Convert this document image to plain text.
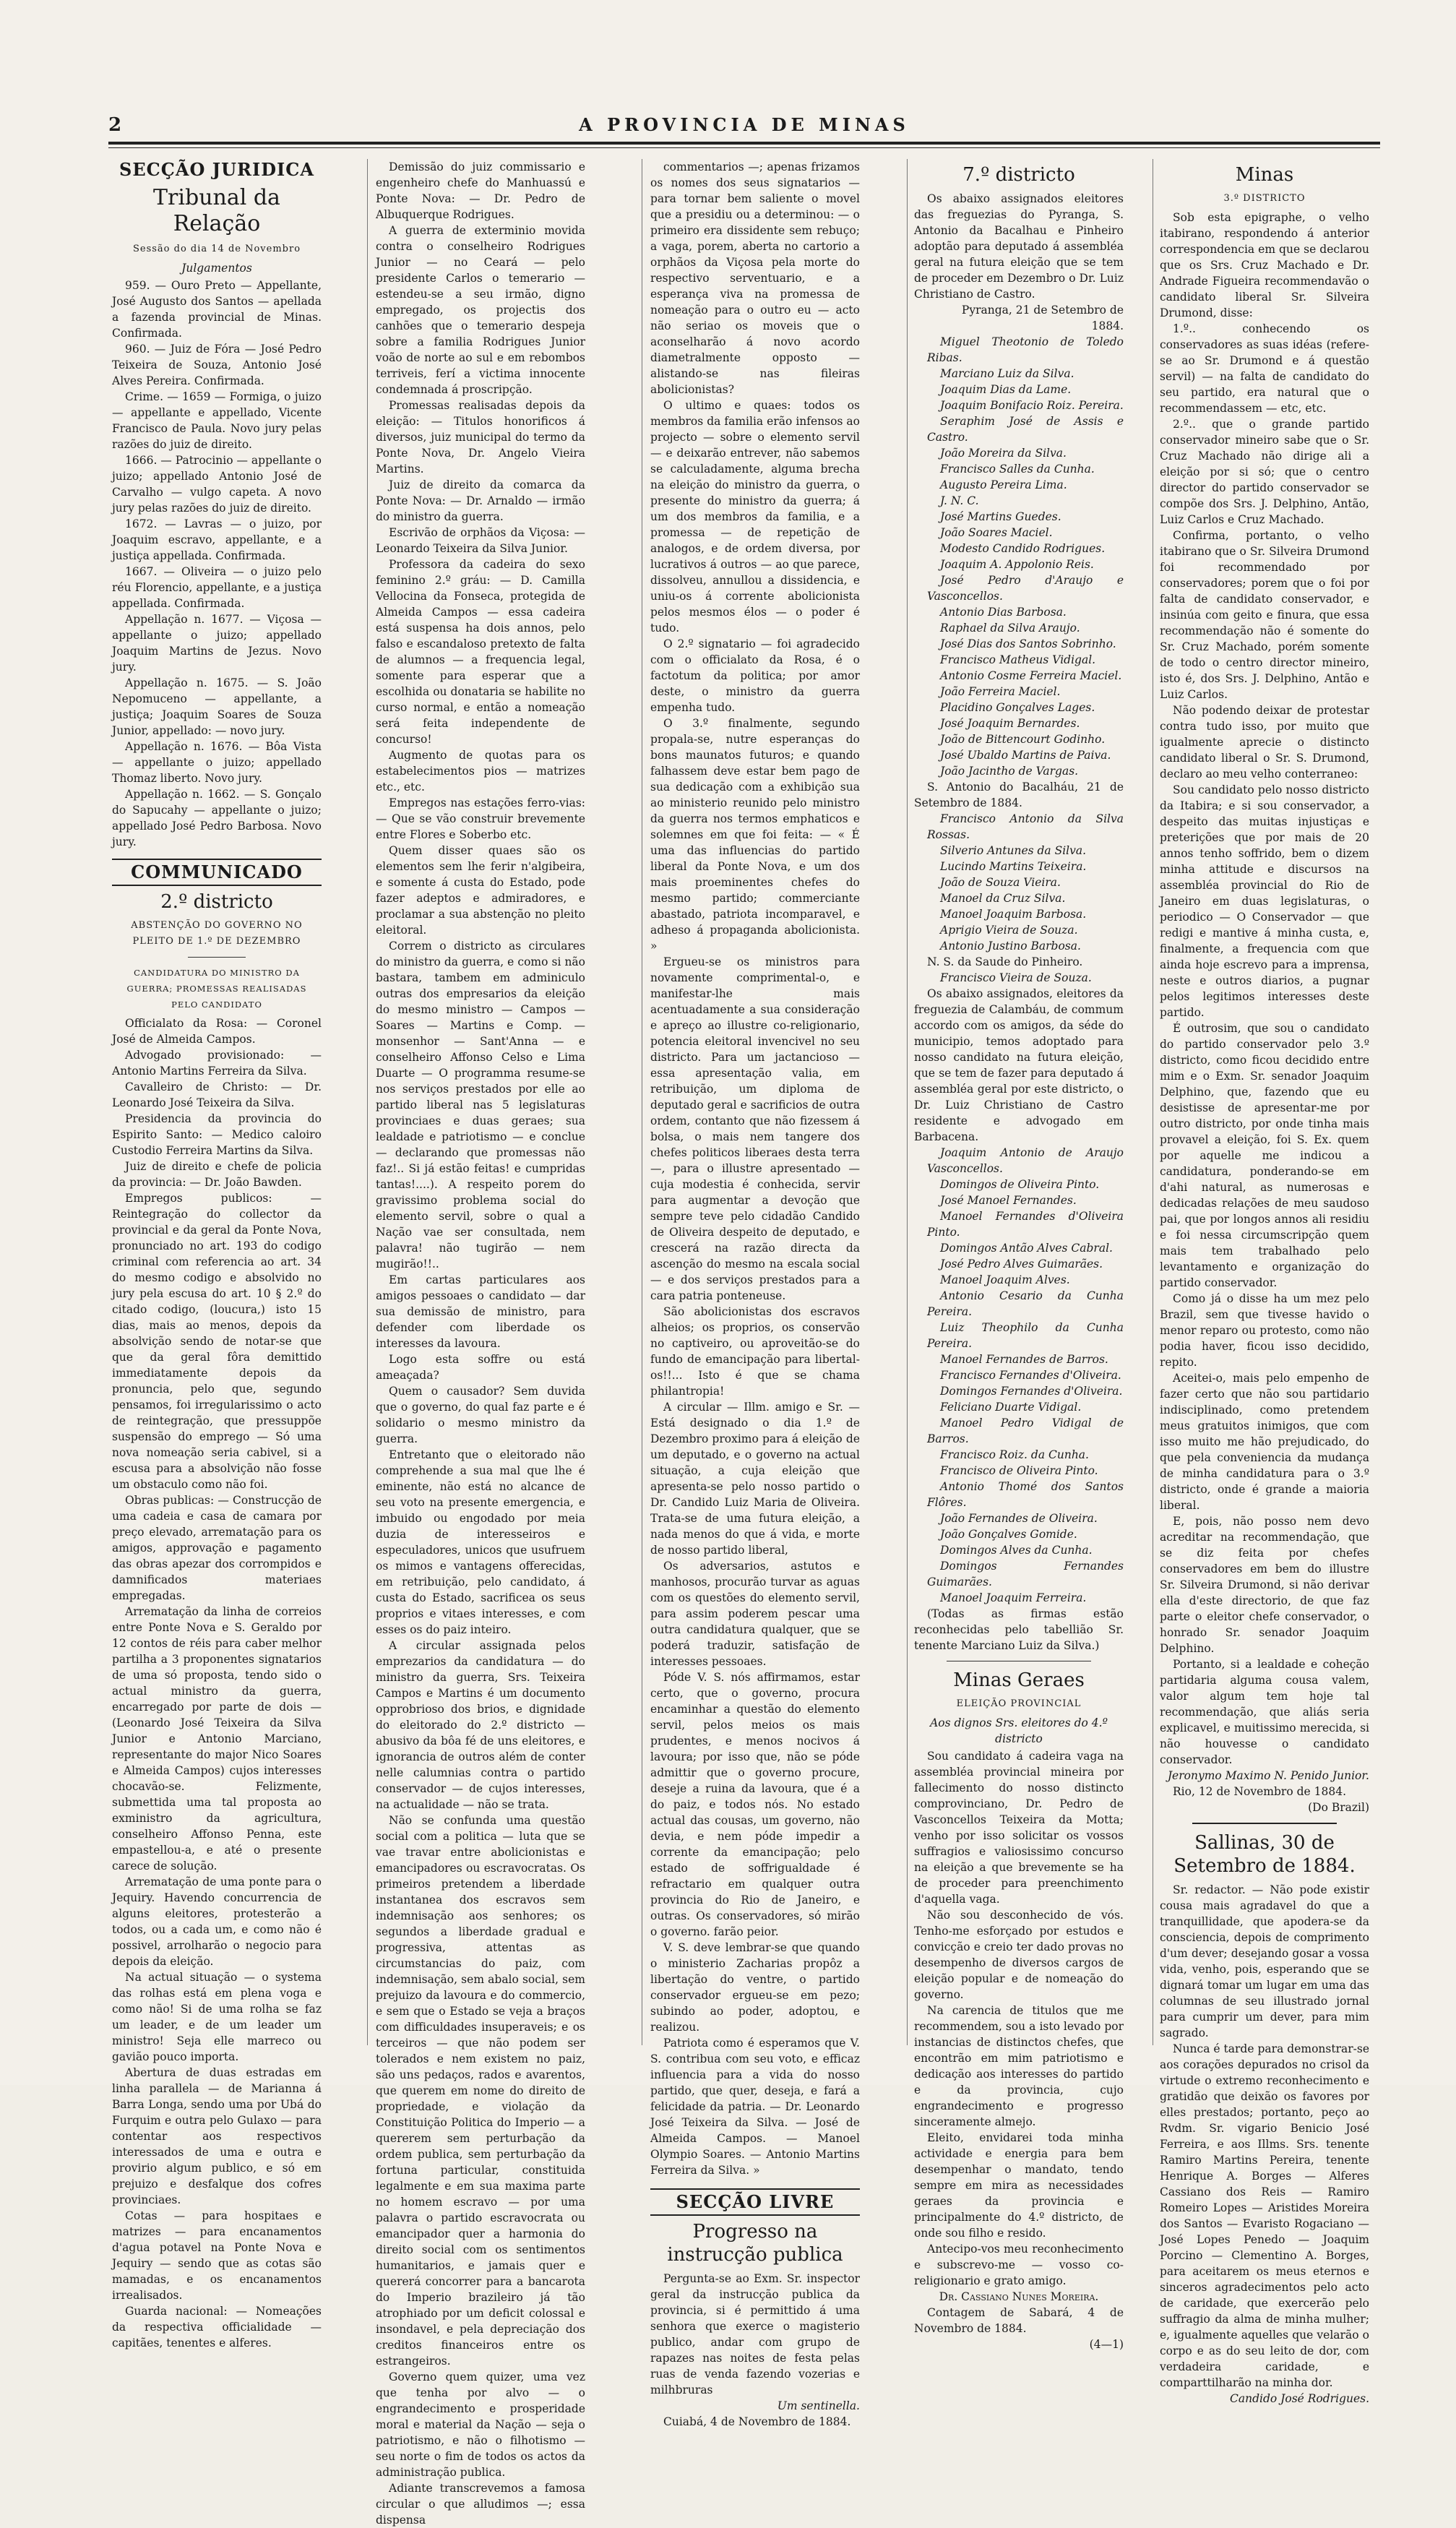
2	A PROVINCIA DE MINAS
SECÇÃO JURIDICA
Tribunal da Relação
Sessão do dia 14 de Novembro
Julgamentos

959. — Ouro Preto — Appellante, José Augusto dos Santos — apellada a fazenda provincial de Minas. Confirmada.

960. — Juiz de Fóra — José Pedro Teixeira de Souza, Antonio José Alves Pereira. Confirmada.

Crime. — 1659 — Formiga, o juizo — appellante e appellado, Vicente Francisco de Paula. Novo jury pelas razões do juiz de direito.

1666. — Patrocinio — appellante o juizo; appellado Antonio José de Carvalho — vulgo capeta. A novo jury pelas razões do juiz de direito.

1672. — Lavras — o juizo, por Joaquim escravo, appellante, e a justiça appellada. Confirmada.

1667. — Oliveira — o juizo pelo réu Florencio, appellante, e a justiça appellada. Confirmada.

Appellação n. 1677. — Viçosa — appellante o juizo; appellado Joaquim Martins de Jezus. Novo jury.

Appellação n. 1675. — S. João Nepomuceno — appellante, a justiça; Joaquim Soares de Souza Junior, appellado: — novo jury.

Appellação n. 1676. — Bôa Vista — appellante o juizo; appellado Thomaz liberto. Novo jury.

Appellação n. 1662. — S. Gonçalo do Sapucahy — appellante o juizo; appellado José Pedro Barbosa. Novo jury.

COMMUNICADO
2.º districto
ABSTENÇÃO DO GOVERNO NO PLEITO DE 1.º DE DEZEMBRO
CANDIDATURA DO MINISTRO DA GUERRA; PROMESSAS REALISADAS PELO CANDIDATO

Officialato da Rosa: — Coronel José de Almeida Campos.

Advogado provisionado: — Antonio Martins Ferreira da Silva.

Cavalleiro de Christo: — Dr. Leonardo José Teixeira da Silva.

Presidencia da provincia do Espirito Santo: — Medico caloiro Custodio Ferreira Martins da Silva.

Juiz de direito e chefe de policia da provincia: — Dr. João Bawden.

Empregos publicos: — Reintegração do collector da provincial e da geral da Ponte Nova, pronunciado no art. 193 do codigo criminal com referencia ao art. 34 do mesmo codigo e absolvido no jury pela escusa do art. 10 § 2.º do citado codigo, (loucura,) isto 15 dias, mais ao menos, depois da absolvição sendo de notar-se que que da geral fôra demittido immediatamente depois da pronuncia, pelo que, segundo pensamos, foi irregularissimo o acto de reintegração, que pressuppõe suspensão do emprego — Só uma nova nomeação seria cabivel, si a escusa para a absolvição não fosse um obstaculo como não foi.

Obras publicas: — Construcção de uma cadeia e casa de camara por preço elevado, arrematação para os amigos, approvação e pagamento das obras apezar dos corrompidos e damnificados materiaes empregadas.

Arrematação da linha de correios entre Ponte Nova e S. Geraldo por 12 contos de réis para caber melhor partilha a 3 proponentes signatarios de uma só proposta, tendo sido o actual ministro da guerra, encarregado por parte de dois — (Leonardo José Teixeira da Silva Junior e Antonio Marciano, representante do major Nico Soares e Almeida Campos) cujos interesses chocavão-se. Felizmente, submettida uma tal proposta ao exministro da agricultura, conselheiro Affonso Penna, este empastellou-a, e até o presente carece de solução.

Arrematação de uma ponte para o Jequiry. Havendo concurrencia de alguns eleitores, protesterão a todos, ou a cada um, e como não é possivel, arrolharão o negocio para depois da eleição.

Na actual situação — o systema das rolhas está em plena voga e como não! Si de uma rolha se faz um leader, e de um leader um ministro! Seja elle marreco ou gavião pouco importa.

Abertura de duas estradas em linha parallela — de Marianna á Barra Longa, sendo uma por Ubá do Furquim e outra pelo Gulaxo — para contentar aos respectivos interessados de uma e outra e provirio algum publico, e só em prejuizo e desfalque dos cofres provinciaes.

Cotas — para hospitaes e matrizes — para encanamentos d'agua potavel na Ponte Nova e Jequiry — sendo que as cotas são mamadas, e os encanamentos irrealisados.

Guarda nacional: — Nomeações da respectiva officialidade — capitães, tenentes e alferes.

Demissão do juiz commissario e engenheiro chefe do Manhuassú e Ponte Nova: — Dr. Pedro de Albuquerque Rodrigues.

A guerra de exterminio movida contra o conselheiro Rodrigues Junior — no Ceará — pelo presidente Carlos o temerario — estendeu-se a seu irmão, digno empregado, os projectis dos canhões que o temerario despeja sobre a familia Rodrigues Junior voão de norte ao sul e em rebombos terriveis, ferí a victima innocente condemnada á proscripção.

Promessas realisadas depois da eleição: — Titulos honorificos á diversos, juiz municipal do termo da Ponte Nova, Dr. Angelo Vieira Martins.

Juiz de direito da comarca da Ponte Nova: — Dr. Arnaldo — irmão do ministro da guerra.

Escrivão de orphãos da Viçosa: — Leonardo Teixeira da Silva Junior.

Professora da cadeira do sexo feminino 2.º gráu: — D. Camilla Vellocina da Fonseca, protegida de Almeida Campos — essa cadeira está suspensa ha dois annos, pelo falso e escandaloso pretexto de falta de alumnos — a frequencia legal, somente para esperar que a escolhida ou donataria se habilite no curso normal, e então a nomeação será feita independente de concurso!

Augmento de quotas para os estabelecimentos pios — matrizes etc., etc.

Empregos nas estações ferro-vias: — Que se vão construir brevemente entre Flores e Soberbo etc.

Quem disser quaes são os elementos sem lhe ferir n'algibeira, e somente á custa do Estado, pode fazer adeptos e admiradores, e proclamar a sua abstenção no pleito eleitoral.

Correm o districto as circulares do ministro da guerra, e como si não bastara, tambem em adminiculo outras dos empresarios da eleição do mesmo ministro — Campos — Soares — Martins e Comp. — monsenhor — Sant'Anna — e conselheiro Affonso Celso e Lima Duarte — O programma resume-se nos serviços prestados por elle ao partido liberal nas 5 legislaturas provinciaes e duas geraes; sua lealdade e patriotismo — e conclue — declarando que promessas não faz!.. Si já estão feitas! e cumpridas tantas!....). A respeito porem do gravissimo problema social do elemento servil, sobre o qual a Nação vae ser consultada, nem palavra! não tugirão — nem mugirão!!..

Em cartas particulares aos amigos pessoaes o candidato — dar sua demissão de ministro, para defender com liberdade os interesses da lavoura.

Logo esta soffre ou está ameaçada?

Quem o causador? Sem duvida que o governo, do qual faz parte e é solidario o mesmo ministro da guerra.

Entretanto que o eleitorado não comprehende a sua mal que lhe é eminente, não está no alcance de seu voto na presente emergencia, e imbuido ou engodado por meia duzia de interesseiros e especuladores, unicos que usufruem os mimos e vantagens offerecidas, em retribuição, pelo candidato, á custa do Estado, sacrificea os seus proprios e vitaes interesses, e com esses os do paiz inteiro.

A circular assignada pelos emprezarios da candidatura — do ministro da guerra, Srs. Teixeira Campos e Martins é um documento opprobrioso dos brios, e dignidade do eleitorado do 2.º districto — abusivo da bôa fé de uns eleitores, e ignorancia de outros além de conter nelle calumnias contra o partido conservador — de cujos interesses, na actualidade — não se trata.

Não se confunda uma questão social com a politica — luta que se vae travar entre abolicionistas e emancipadores ou escravocratas. Os primeiros pretendem a liberdade instantanea dos escravos sem indemnisação aos senhores; os segundos a liberdade gradual e progressiva, attentas as circumstancias do paiz, com indemnisação, sem abalo social, sem prejuizo da lavoura e do commercio, e sem que o Estado se veja a braços com difficuldades insuperaveis; e os terceiros — que não podem ser tolerados e nem existem no paiz, são uns pedaços, rados e avarentos, que querem em nome do direito de propriedade, e violação da Constituição Politica do Imperio — a quererem sem perturbação da ordem publica, sem perturbação da fortuna particular, constituida legalmente e em sua maxima parte no homem escravo — por uma palavra o partido escravocrata ou emancipador quer a harmonia do direito social com os sentimentos humanitarios, e jamais quer e quererá concorrer para a bancarota do Imperio brazileiro já tão atrophiado por um deficit colossal e insondavel, e pela depreciação dos creditos financeiros entre os estrangeiros.

Governo quem quizer, uma vez que tenha por alvo — o engrandecimento e prosperidade moral e material da Nação — seja o patriotismo, e não o filhotismo — seu norte o fim de todos os actos da administração publica.

Adiante transcrevemos a famosa circular o que alludimos —; essa dispensa

commentarios —; apenas frizamos os nomes dos seus signatarios — para tornar bem saliente o movel que a presidiu ou a determinou: — o primeiro era dissidente sem rebuço; a vaga, porem, aberta no cartorio a orphãos da Viçosa pela morte do respectivo serventuario, e a esperança viva na promessa de nomeação para o outro eu — acto não seriao os moveis que o aconselharão á novo acordo diametralmente opposto — alistando-se nas fileiras abolicionistas?

O ultimo e quaes: todos os membros da familia erão infensos ao projecto — sobre o elemento servil — e deixarão entrever, não sabemos se calculadamente, alguma brecha na eleição do ministro da guerra, o presente do ministro da guerra; á um dos membros da familia, e a promessa — de repetição de analogos, e de ordem diversa, por lucrativos á outros — ao que parece, dissolveu, annullou a dissidencia, e uniu-os á corrente abolicionista pelos mesmos élos — o poder é tudo.

O 2.º signatario — foi agradecido com o officialato da Rosa, é o factotum da politica; por amor deste, o ministro da guerra empenha tudo.

O 3.º finalmente, segundo propala-se, nutre esperanças do bons maunatos futuros; e quando falhassem deve estar bem pago de sua dedicação com a exhibição sua ao ministerio reunido pelo ministro da guerra nos termos emphaticos e solemnes em que foi feita: — « É uma das influencias do partido liberal da Ponte Nova, e um dos mais proeminentes chefes do mesmo partido; commerciante abastado, patriota incomparavel, e adheso á propaganda abolicionista. »

Ergueu-se os ministros para novamente comprimental-o, e manifestar-lhe mais acentuadamente a sua consideração e apreço ao illustre co-religionario, potencia eleitoral invencivel no seu districto. Para um jactancioso — essa apresentação valia, em retribuição, um diploma de deputado geral e sacrificios de outra ordem, contanto que não fizessem á bolsa, o mais nem tangere dos chefes politicos liberaes desta terra —, para o illustre apresentado — cuja modestia é conhecida, servir para augmentar a devoção que sempre teve pelo cidadão Candido de Oliveira despeito de deputado, e crescerá na razão directa da ascenção do mesmo na escala social — e dos serviços prestados para a cara patria ponteneuse.

São abolicionistas dos escravos alheios; os proprios, os conservão no captiveiro, ou aproveitão-se do fundo de emancipação para libertal-os!!... Isto é que se chama philantropia!

A circular — Illm. amigo e Sr. — Está designado o dia 1.º de Dezembro proximo para á eleição de um deputado, e o governo na actual situação, a cuja eleição que apresenta-se pelo nosso partido o Dr. Candido Luiz Maria de Oliveira. Trata-se de uma futura eleição, a nada menos do que á vida, e morte de nosso partido liberal,

Os adversarios, astutos e manhosos, procurão turvar as aguas com os questões do elemento servil, para assim poderem pescar uma outra candidatura qualquer, que se poderá traduzir, satisfação de interesses pessoaes.

Póde V. S. nós affirmamos, estar certo, que o governo, procura encaminhar a questão do elemento servil, pelos meios os mais prudentes, e menos nocivos á lavoura; por isso que, não se póde admittir que o governo procure, deseje a ruina da lavoura, que é a do paiz, e todos nós. No estado actual das cousas, um governo, não devia, e nem póde impedir a corrente da emancipação; pelo estado de soffrigualdade é refractario em qualquer outra provincia do Rio de Janeiro, e outras. Os conservadores, só mirão o governo. farão peior.

V. S. deve lembrar-se que quando o ministerio Zacharias propôz a libertação do ventre, o partido conservador ergueu-se em pezo; subindo ao poder, adoptou, e realizou.

Patriota como é esperamos que V. S. contribua com seu voto, e efficaz influencia para a vida do nosso partido, que quer, deseja, e fará a felicidade da patria. — Dr. Leonardo José Teixeira da Silva. — José de Almeida Campos. — Manoel Olympio Soares. — Antonio Martins Ferreira da Silva. »

SECÇÃO LIVRE
Progresso na instrucção publica

Pergunta-se ao Exm. Sr. inspector geral da instrucção publica da provincia, si é permittido á uma senhora que exerce o magisterio publico, andar com grupo de rapazes nas noites de festa pelas ruas de venda fazendo vozerias e milhbruras

Um sentinella.

Cuiabá, 4 de Novembro de 1884.

7.º districto

Os abaixo assignados eleitores das freguezias do Pyranga, S. Antonio da Bacalhau e Pinheiro adoptão para deputado á assembléa geral na futura eleição que se tem de proceder em Dezembro o Dr. Luiz Christiano de Castro.

Pyranga, 21 de Setembro de 1884.

Miguel Theotonio de Toledo Ribas.
Marciano Luiz da Silva.
Joaquim Dias da Lame.
Joaquim Bonifacio Roiz. Pereira.
Seraphim José de Assis e Castro.
João Moreira da Silva.
Francisco Salles da Cunha.
Augusto Pereira Lima.
J. N. C.
José Martins Guedes.
João Soares Maciel.
Modesto Candido Rodrigues.
Joaquim A. Appolonio Reis.
José Pedro d'Araujo e Vasconcellos.
Antonio Dias Barbosa.
Raphael da Silva Araujo.
José Dias dos Santos Sobrinho.
Francisco Matheus Vidigal.
Antonio Cosme Ferreira Maciel.
João Ferreira Maciel.
Placidino Gonçalves Lages.
José Joaquim Bernardes.
João de Bittencourt Godinho.
José Ubaldo Martins de Paiva.
João Jacintho de Vargas.

S. Antonio do Bacalháu, 21 de Setembro de 1884.

Francisco Antonio da Silva Rossas.
Silverio Antunes da Silva.
Lucindo Martins Teixeira.
João de Souza Vieira.
Manoel da Cruz Silva.
Manoel Joaquim Barbosa.
Aprigio Vieira de Souza.
Antonio Justino Barbosa.

N. S. da Saude do Pinheiro.

Francisco Vieira de Souza.

Os abaixo assignados, eleitores da freguezia de Calambáu, de commum accordo com os amigos, da séde do municipio, temos adoptado para nosso candidato na futura eleição, que se tem de fazer para deputado á assembléa geral por este districto, o Dr. Luiz Christiano de Castro residente e advogado em Barbacena.

Joaquim Antonio de Araujo Vasconcellos.
Domingos de Oliveira Pinto.
José Manoel Fernandes.
Manoel Fernandes d'Oliveira Pinto.
Domingos Antão Alves Cabral.
José Pedro Alves Guimarães.
Manoel Joaquim Alves.
Antonio Cesario da Cunha Pereira.
Luiz Theophilo da Cunha Pereira.
Manoel Fernandes de Barros.
Francisco Fernandes d'Oliveira.
Domingos Fernandes d'Oliveira.
Feliciano Duarte Vidigal.
Manoel Pedro Vidigal de Barros.
Francisco Roiz. da Cunha.
Francisco de Oliveira Pinto.
Antonio Thomé dos Santos Flôres.
João Fernandes de Oliveira.
João Gonçalves Gomide.
Domingos Alves da Cunha.
Domingos Fernandes Guimarães.
Manoel Joaquim Ferreira.

(Todas as firmas estão reconhecidas pelo tabellião Sr. tenente Marciano Luiz da Silva.)

Minas Geraes
ELEIÇÃO PROVINCIAL
Aos dignos Srs. eleitores do 4.º districto

Sou candidato á cadeira vaga na assembléa provincial mineira por fallecimento do nosso distincto comprovinciano, Dr. Pedro de Vasconcellos Teixeira da Motta; venho por isso solicitar os vossos suffragios e valiosissimo concurso na eleição a que brevemente se ha de proceder para preenchimento d'aquella vaga.

Não sou desconhecido de vós. Tenho-me esforçado por estudos e convicção e creio ter dado provas no desempenho de diversos cargos de eleição popular e de nomeação do governo.

Na carencia de titulos que me recommendem, sou a isto levado por instancias de distinctos chefes, que encontrão em mim patriotismo e dedicação aos interesses do partido e da provincia, cujo engrandecimento e progresso sinceramente almejo.

Eleito, envidarei toda minha actividade e energia para bem desempenhar o mandato, tendo sempre em mira as necessidades geraes da provincia e principalmente do 4.º districto, de onde sou filho e resido.

Antecipo-vos meu reconhecimento e subscrevo-me — vosso co-religionario e grato amigo.

Dr. Cassiano Nunes Moreira.

Contagem de Sabará, 4 de Novembro de 1884.

(4—1)
Minas
3.º DISTRICTO

Sob esta epigraphe, o velho itabirano, respondendo á anterior correspondencia em que se declarou que os Srs. Cruz Machado e Dr. Andrade Figueira recommendavão o candidato liberal Sr. Silveira Drumond, disse:

1.º.. conhecendo os conservadores as suas idéas (refere-se ao Sr. Drumond e á questão servil) — na falta de candidato do seu partido, era natural que o recommendassem — etc, etc.

2.º.. que o grande partido conservador mineiro sabe que o Sr. Cruz Machado não dirige ali a eleição por si só; que o centro director do partido conservador se compõe dos Srs. J. Delphino, Antão, Luiz Carlos e Cruz Machado.

Confirma, portanto, o velho itabirano que o Sr. Silveira Drumond foi recommendado por conservadores; porem que o foi por falta de candidato conservador, e insinúa com geito e finura, que essa recommendação não é somente do Sr. Cruz Machado, porém somente de todo o centro director mineiro, isto é, dos Srs. J. Delphino, Antão e Luiz Carlos.

Não podendo deixar de protestar contra tudo isso, por muito que igualmente aprecie o distincto candidato liberal o Sr. S. Drumond, declaro ao meu velho conterraneo:

Sou candidato pelo nosso districto da Itabira; e si sou conservador, a despeito das muitas injustiças e preterições que por mais de 20 annos tenho soffrido, bem o dizem minha attitude e discursos na assembléa provincial do Rio de Janeiro em duas legislaturas, o periodico — O Conservador — que redigi e mantive á minha custa, e, finalmente, a frequencia com que ainda hoje escrevo para a imprensa, neste e outros diarios, a pugnar pelos legitimos interesses deste partido.

É outrosim, que sou o candidato do partido conservador pelo 3.º districto, como ficou decidido entre mim e o Exm. Sr. senador Joaquim Delphino, que, fazendo que eu desistisse de apresentar-me por outro districto, por onde tinha mais provavel a eleição, foi S. Ex. quem por aquelle me indicou a candidatura, ponderando-se em d'ahi natural, as numerosas e dedicadas relações de meu saudoso pai, que por longos annos ali residiu e foi nessa circumscripção quem mais tem trabalhado pelo levantamento e organização do partido conservador.

Como já o disse ha um mez pelo Brazil, sem que tivesse havido o menor reparo ou protesto, como não podia haver, ficou isso decidido, repito.

Aceitei-o, mais pelo empenho de fazer certo que não sou partidario indisciplinado, como pretendem meus gratuitos inimigos, que com isso muito me hão prejudicado, do que pela conveniencia da mudança de minha candidatura para o 3.º districto, onde é grande a maioria liberal.

E, pois, não posso nem devo acreditar na recommendação, que se diz feita por chefes conservadores em bem do illustre Sr. Silveira Drumond, si não derivar ella d'este directorio, de que faz parte o eleitor chefe conservador, o honrado Sr. senador Joaquim Delphino.

Portanto, si a lealdade e coheção partidaria alguma cousa valem, valor algum tem hoje tal recommendação, que aliás seria explicavel, e muitissimo merecida, si não houvesse o candidato conservador.

Jeronymo Maximo N. Penido Junior.

Rio, 12 de Novembro de 1884.

(Do Brazil)
Sallinas, 30 de Setembro de 1884.

Sr. redactor. — Não pode existir cousa mais agradavel do que a tranquillidade, que apodera-se da consciencia, depois de comprimento d'um dever; desejando gosar a vossa vida, venho, pois, esperando que se dignará tomar um lugar em uma das columnas de seu illustrado jornal para cumprir um dever, para mim sagrado.

Nunca é tarde para demonstrar-se aos corações depurados no crisol da virtude o extremo reconhecimento e gratidão que deixão os favores por elles prestados; portanto, peço ao Rvdm. Sr. vigario Benicio José Ferreira, e aos Illms. Srs. tenente Ramiro Martins Pereira, tenente Henrique A. Borges — Alferes Cassiano dos Reis — Ramiro Romeiro Lopes — Aristides Moreira dos Santos — Evaristo Rogaciano — José Lopes Penedo — Joaquim Porcino — Clementino A. Borges, para aceitarem os meus eternos e sinceros agradecimentos pelo acto de caridade, que exercerão pelo suffragio da alma de minha mulher; e, igualmente aquelles que velarão o corpo e as do seu leito de dor, com verdadeira caridade, e comparttilharão na minha dor.

Candido José Rodrigues.
